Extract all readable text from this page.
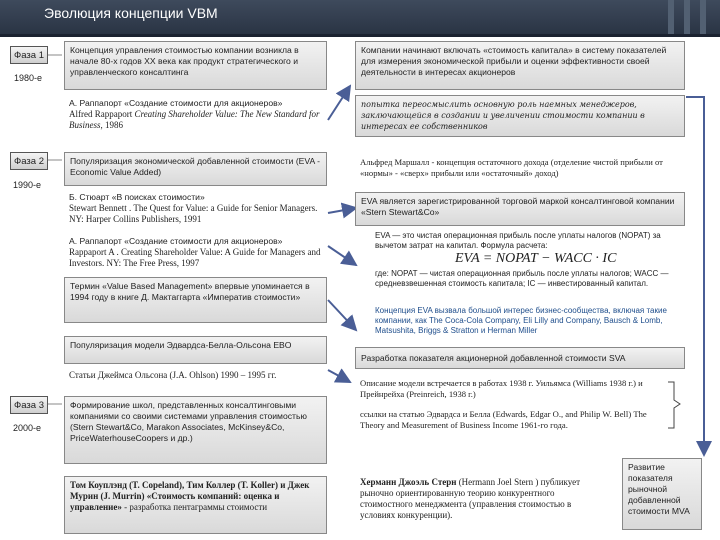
Эволюция концепции VBM
Фаза 1
1980-е
Фаза 2
1990-е
Фаза 3
2000-е
Концепция управления стоимостью компании возникла в начале 80-х годов XX века как продукт стратегического и управленческого консалтинга
А. Раппапорт «Создание стоимости для акционеров»
Alfred Rappaport Creating Shareholder Value: The New Standard for Business, 1986
Популяризация экономической добавленной стоимости (EVA - Economic Value Added)
Б. Стюарт «В поисках стоимости»
Stewart Bennett . The Quest for Value: a Guide for Senior Managers. NY: Harper Collins Publishers, 1991
А. Раппапорт «Создание стоимости для акционеров»
Rappaport A . Creating Shareholder Value: A Guide for Managers and Investors. NY: The Free Press, 1997
Термин «Value Based Management» впервые упоминается в 1994 году в книге Д. Мактаггарта «Императив стоимости»
Популяризация модели Эдвардса-Белла-Ольсона EBO
Статьи Джеймса Ольсона (J.A. Ohlson) 1990 – 1995 гг.
Формирование школ, представленных консалтинговыми компаниями со своими системами управления стоимостью (Stern Stewart&Co, Marakon Associates, McKinsey&Co, PriceWaterhouseCoopers и др.)
Том Коуплэнд (T. Copeland), Тим Коллер (T. Koller) и Джек Мурин (J. Murrin) «Стоимость компаний: оценка и управление» - разработка пентаграммы стоимости
Компании начинают включать «стоимость капитала» в систему показателей для измерения экономической прибыли и оценки эффективности своей деятельности в интересах акционеров
попытка переосмыслить основную роль наемных менеджеров, заключающейся в создании и увеличении стоимости компании в интересах ее собственников
Альфред Маршалл - концепция остаточного дохода (отделение чистой прибыли от «нормы» - «сверх» прибыли или «остаточный» доход)
EVA является зарегистрированной торговой маркой консалтинговой компании «Stern Stewart&Co»
EVA — это чистая операционная прибыль после уплаты налогов (NOPAT) за вычетом затрат на капитал. Формула расчета:
EVA = NOPAT − WACC · IC
где: NOPAT — чистая операционная прибыль после уплаты налогов; WACC — средневзвешенная стоимость капитала; IC — инвестированный капитал.
Концепция EVA вызвала большой интерес бизнес-сообщества, включая такие компании, как The Coca-Cola Company, Eli Lilly and Company, Bausch & Lomb, Matsushita, Briggs & Stratton и Herman Miller
Разработка показателя акционерной добавленной стоимости SVA
Описание модели встречается в работах 1938 г. Уильямса (Williams 1938 г.) и Прейнрейха (Preinreich, 1938 г.)
ссылки на статью Эдвардса и Белла (Edwards, Edgar O., and Philip W. Bell) The Theory and Measurement of Business Income 1961-го года.
Херманн Джоэль Стерн (Hermann Joel Stern ) публикует рыночно ориентированную теорию конкурентного стоимостного менеджмента (управления стоимостью в условиях конкуренции).
Развитие показателя рыночной добавленной стоимости MVA
